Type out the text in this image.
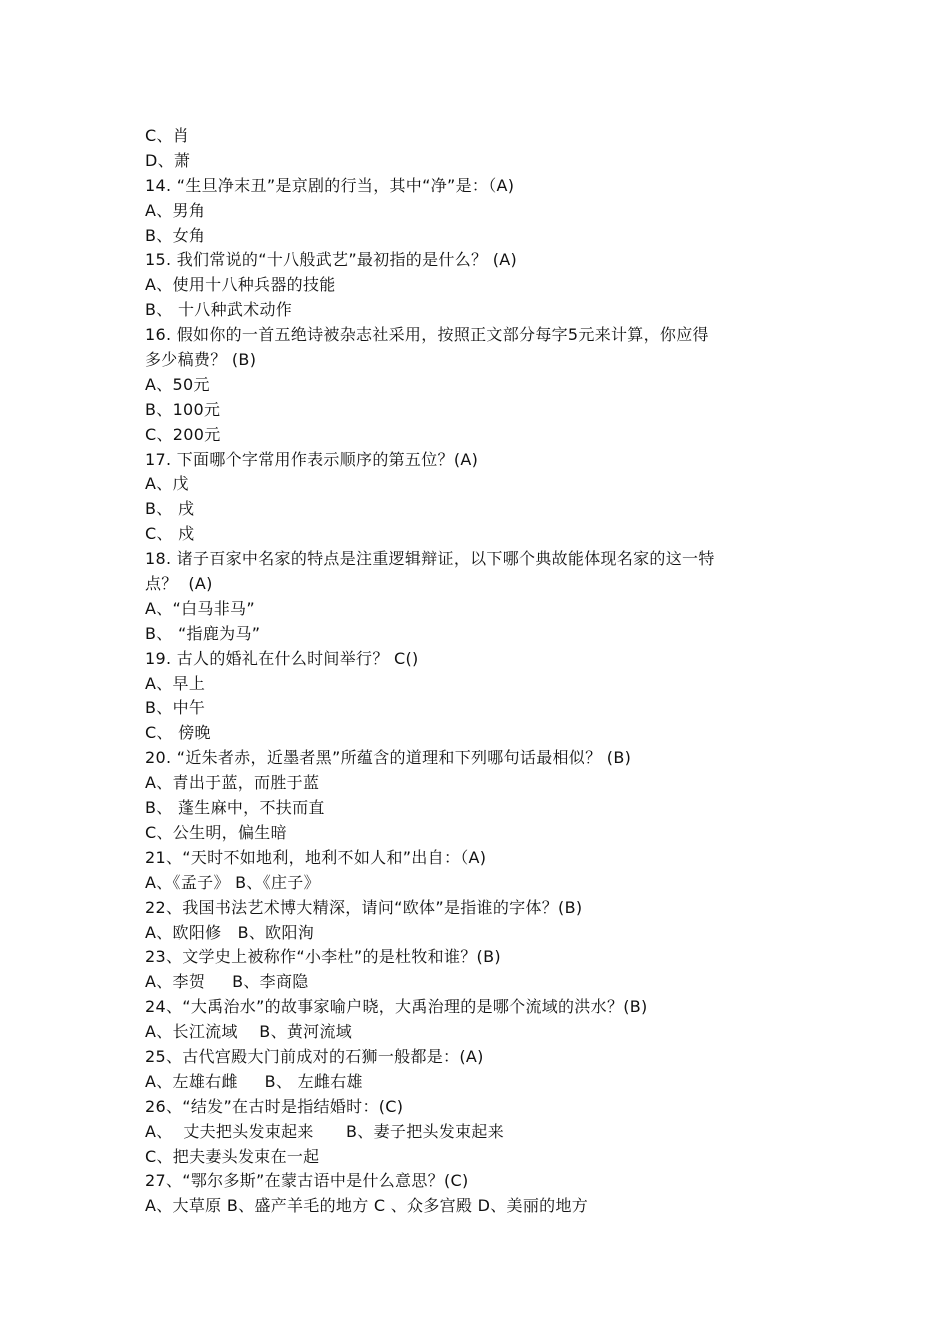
C、肖
D、萧
14. “生旦净末丑”是京剧的行当，其中“净”是：（A)
A、男角
B、女角
15. 我们常说的“十八般武艺”最初指的是什么？ (A)
A、使用十八种兵器的技能
B、 十八种武术动作
16. 假如你的一首五绝诗被杂志社采用，按照正文部分每字5元来计算，你应得
多少稿费？ (B)
A、50元
B、100元
C、200元
17. 下面哪个字常用作表示顺序的第五位？(A)
A、戊
B、 戌
C、 戍
18. 诸子百家中名家的特点是注重逻辑辩证，以下哪个典故能体现名家的这一特
点？  (A)
A、“白马非马”
B、 “指鹿为马”
19. 古人的婚礼在什么时间举行？ C()
A、早上
B、中午
C、 傍晚
20. “近朱者赤，近墨者黑”所蕴含的道理和下列哪句话最相似？ (B)
A、青出于蓝，而胜于蓝
B、 蓬生麻中，不扶而直
C、公生明，偏生暗
21、“天时不如地利，地利不如人和”出自：（A)
A、《孟子》 B、《庄子》
22、我国书法艺术博大精深，请问“欧体”是指谁的字体？(B)
A、欧阳修   B、欧阳洵
23、文学史上被称作“小李杜”的是杜牧和谁？(B)
A、李贺     B、李商隐
24、“大禹治水”的故事家喻户晓，大禹治理的是哪个流域的洪水？(B)
A、长江流域    B、黄河流域
25、古代宫殿大门前成对的石狮一般都是：(A)
A、左雄右雌     B、 左雌右雄
26、“结发”在古时是指结婚时：(C)
A、  丈夫把头发束起来      B、妻子把头发束起来
C、把夫妻头发束在一起
27、“鄂尔多斯”在蒙古语中是什么意思？(C)
A、大草原 B、盛产羊毛的地方 C 、众多宫殿 D、美丽的地方
